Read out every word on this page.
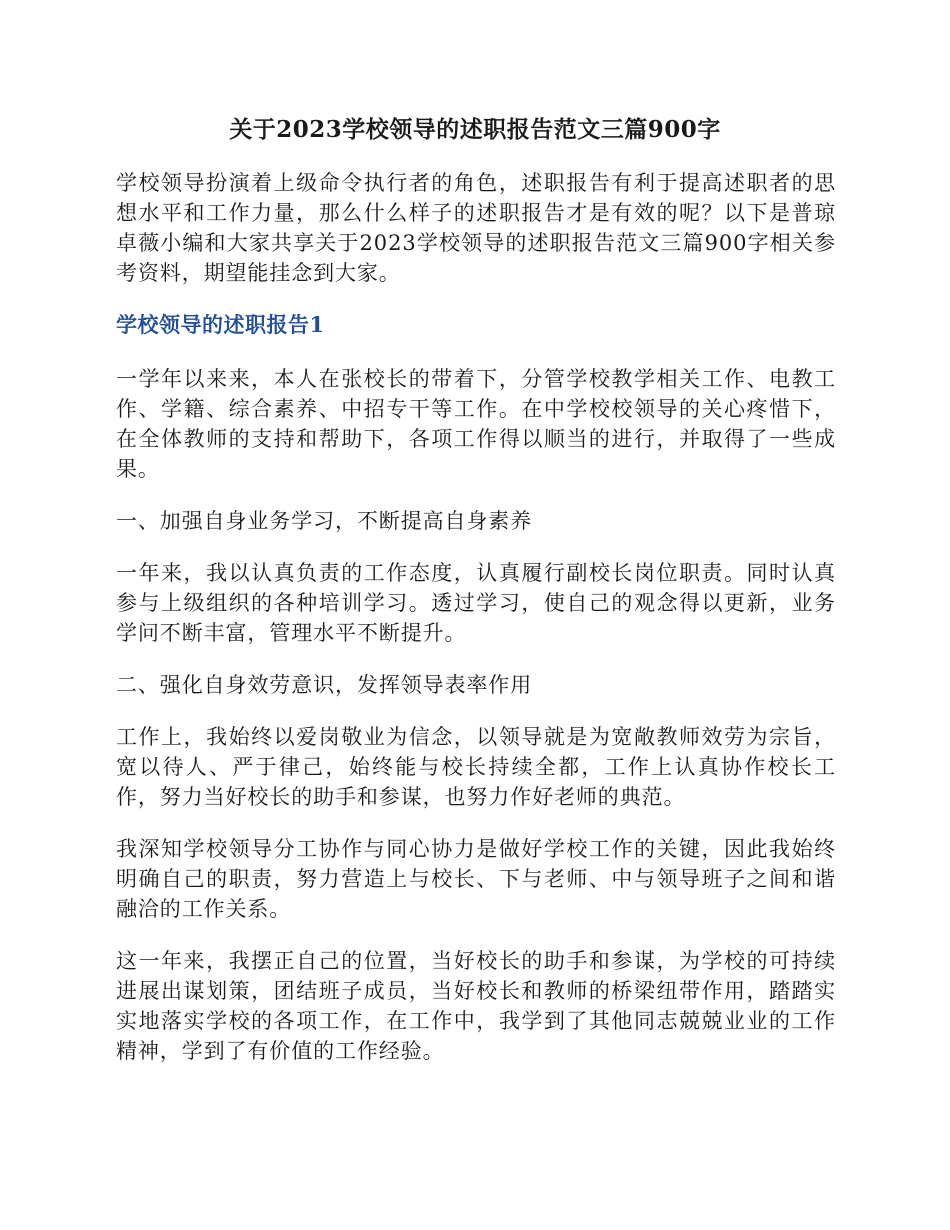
关于2023学校领导的述职报告范文三篇900字

学校领导扮演着上级命令执行者的角色，述职报告有利于提高述职者的思想水平和工作力量，那么什么样子的述职报告才是有效的呢？以下是普琼卓薇小编和大家共享关于2023学校领导的述职报告范文三篇900字相关参考资料，期望能挂念到大家。

学校领导的述职报告1

一学年以来来，本人在张校长的带着下，分管学校教学相关工作、电教工作、学籍、综合素养、中招专干等工作。在中学校校领导的关心疼惜下，在全体教师的支持和帮助下，各项工作得以顺当的进行，并取得了一些成果。

一、加强自身业务学习，不断提高自身素养

一年来，我以认真负责的工作态度，认真履行副校长岗位职责。同时认真参与上级组织的各种培训学习。透过学习，使自己的观念得以更新，业务学问不断丰富，管理水平不断提升。

二、强化自身效劳意识，发挥领导表率作用

工作上，我始终以爱岗敬业为信念，以领导就是为宽敞教师效劳为宗旨，宽以待人、严于律己，始终能与校长持续全都，工作上认真协作校长工作，努力当好校长的助手和参谋，也努力作好老师的典范。

我深知学校领导分工协作与同心协力是做好学校工作的关键，因此我始终明确自己的职责，努力营造上与校长、下与老师、中与领导班子之间和谐融洽的工作关系。

这一年来，我摆正自己的位置，当好校长的助手和参谋，为学校的可持续进展出谋划策，团结班子成员，当好校长和教师的桥梁纽带作用，踏踏实实地落实学校的各项工作，在工作中，我学到了其他同志兢兢业业的工作精神，学到了有价值的工作经验。
